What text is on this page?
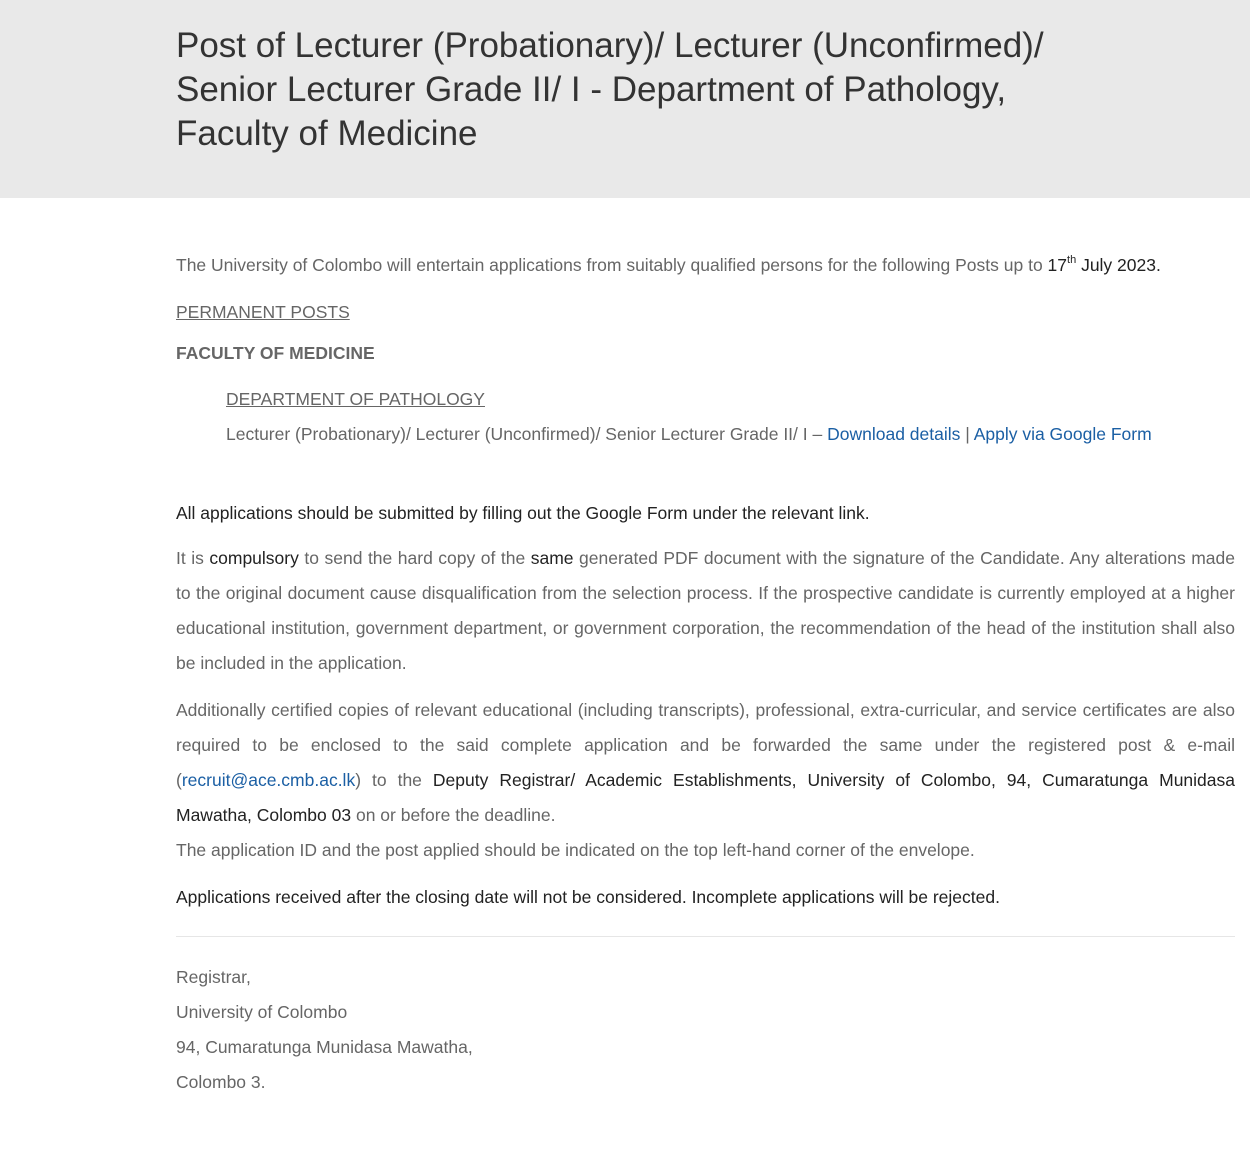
Post of Lecturer (Probationary)/ Lecturer (Unconfirmed)/
Senior Lecturer Grade II/ I - Department of Pathology,
Faculty of Medicine

The University of Colombo will entertain applications from suitably qualified persons for the following Posts up to 17th July 2023.

PERMANENT POSTS

FACULTY OF MEDICINE

DEPARTMENT OF PATHOLOGY

Lecturer (Probationary)/ Lecturer (Unconfirmed)/ Senior Lecturer Grade II/ I – Download details | Apply via Google Form

All applications should be submitted by filling out the Google Form under the relevant link.

It is compulsory to send the hard copy of the same generated PDF document with the signature of the Candidate. Any alterations made to the original document cause disqualification from the selection process. If the prospective candidate is currently employed at a higher educational institution, government department, or government corporation, the recommendation of the head of the institution shall also be included in the application.

Additionally certified copies of relevant educational (including transcripts), professional, extra-curricular, and service certificates are also required to be enclosed to the said complete application and be forwarded the same under the registered post & e-mail (recruit@ace.cmb.ac.lk) to the Deputy Registrar/ Academic Establishments, University of Colombo, 94, Cumaratunga Munidasa Mawatha, Colombo 03 on or before the deadline.

The application ID and the post applied should be indicated on the top left-hand corner of the envelope.

Applications received after the closing date will not be considered. Incomplete applications will be rejected.

Registrar,
University of Colombo
94, Cumaratunga Munidasa Mawatha,
Colombo 3.
